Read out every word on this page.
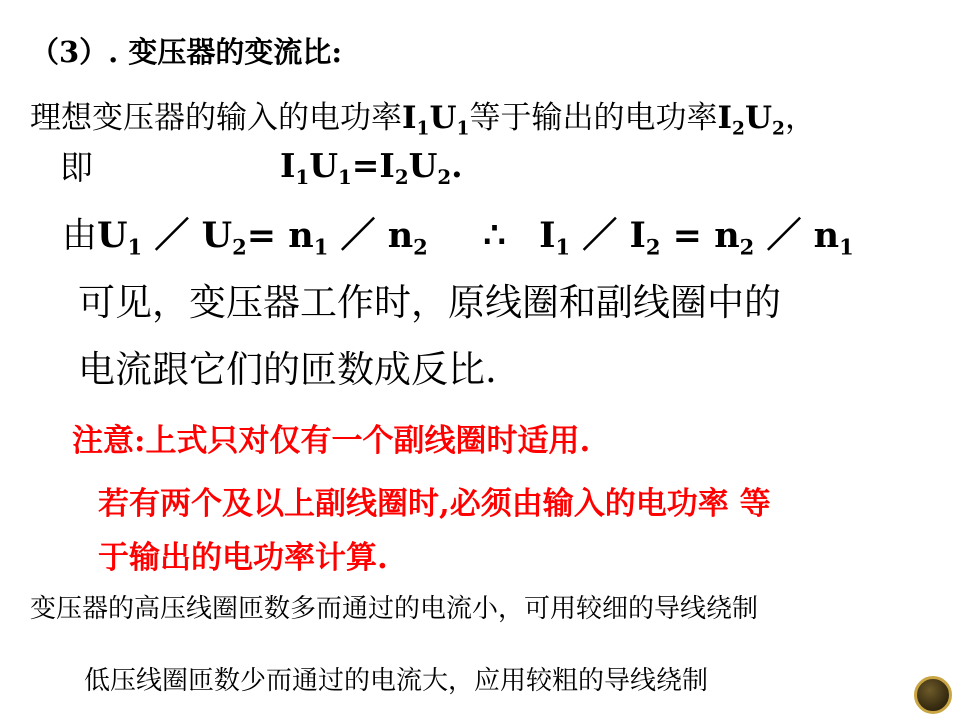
（3）. 变压器的变流比:
理想变压器的输入的电功率$I_1U_1$等于输出的电功率$I_2U_2$，
即	$I_1U_1=I_2U_2$.
由$U_1$ ／ $U_2= n_1$ ／ $n_2$ ∴ $I_1$ ／ $I_2 = n_2$ ／ $n_1$
可见，变压器工作时，原线圈和副线圈中的
电流跟它们的匝数成反比.
注意:上式只对仅有一个副线圈时适用.
若有两个及以上副线圈时,必须由输入的电功率 等
于输出的电功率计算.
变压器的高压线圈匝数多而通过的电流小，可用较细的导线绕制
低压线圈匝数少而通过的电流大，应用较粗的导线绕制
